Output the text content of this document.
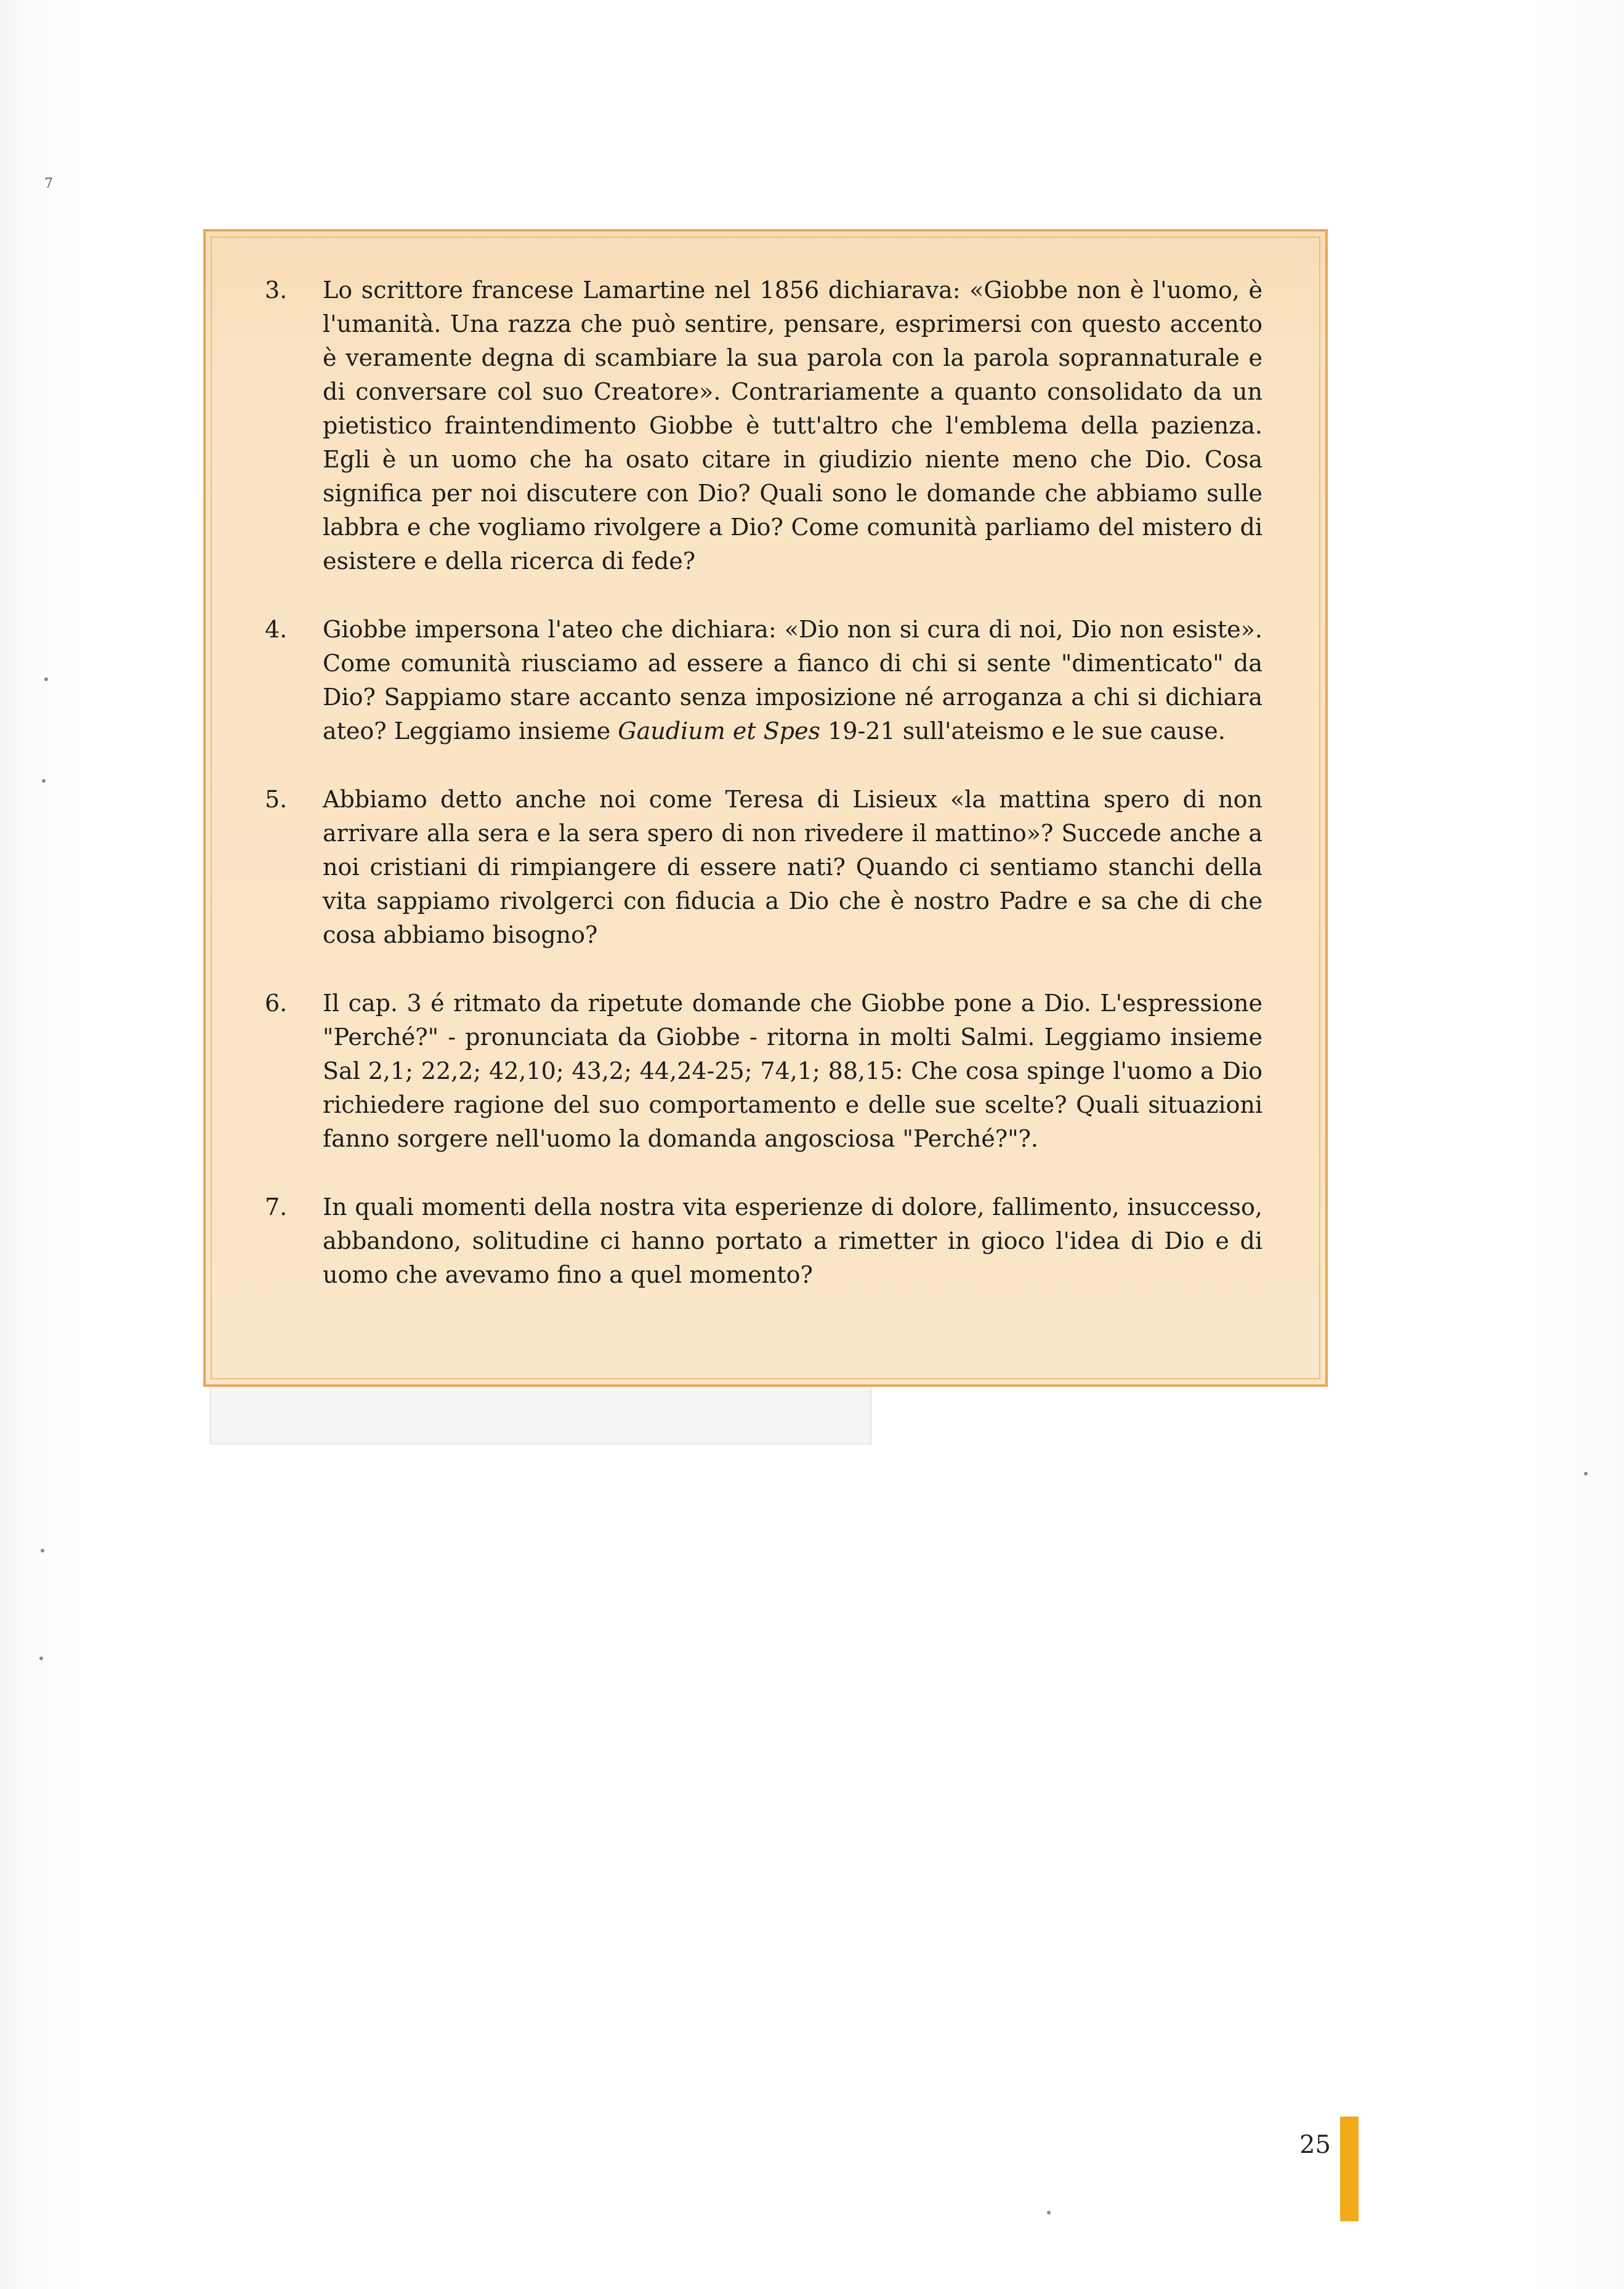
7
3.	Lo scrittore francese Lamartine nel 1856 dichiarava: «Giobbe non è l'uomo, è l'umanità. Una razza che può sentire, pensare, esprimersi con questo accento è veramente degna di scambiare la sua parola con la parola soprannaturale e di conversare col suo Creatore». Contrariamente a quanto consolidato da un pietistico fraintendimento Giobbe è tutt'altro che l'emblema della pazienza. Egli è un uomo che ha osato citare in giudizio niente meno che Dio. Cosa significa per noi discutere con Dio? Quali sono le domande che abbiamo sulle labbra e che vogliamo rivolgere a Dio? Come comunità parliamo del mistero di esistere e della ricerca di fede?
4.	Giobbe impersona l'ateo che dichiara: «Dio non si cura di noi, Dio non esiste». Come comunità riusciamo ad essere a fianco di chi si sente "dimenticato" da Dio? Sappiamo stare accanto senza imposizione né arroganza a chi si dichiara ateo? Leggiamo insieme Gaudium et Spes 19-21 sull'ateismo e le sue cause.
5.	Abbiamo detto anche noi come Teresa di Lisieux «la mattina spero di non arrivare alla sera e la sera spero di non rivedere il mattino»? Succede anche a noi cristiani di rimpiangere di essere nati? Quando ci sentiamo stanchi della vita sappiamo rivolgerci con fiducia a Dio che è nostro Padre e sa che di che cosa abbiamo bisogno?
6.	Il cap. 3 é ritmato da ripetute domande che Giobbe pone a Dio. L'espressione "Perché?" - pronunciata da Giobbe - ritorna in molti Salmi. Leggiamo insieme Sal 2,1; 22,2; 42,10; 43,2; 44,24-25; 74,1; 88,15: Che cosa spinge l'uomo a Dio richiedere ragione del suo comportamento e delle sue scelte? Quali situazioni fanno sorgere nell'uomo la domanda angosciosa "Perché?"?.
7.	In quali momenti della nostra vita esperienze di dolore, fallimento, insuccesso, abbandono, solitudine ci hanno portato a rimetter in gioco l'idea di Dio e di uomo che avevamo fino a quel momento?
25
